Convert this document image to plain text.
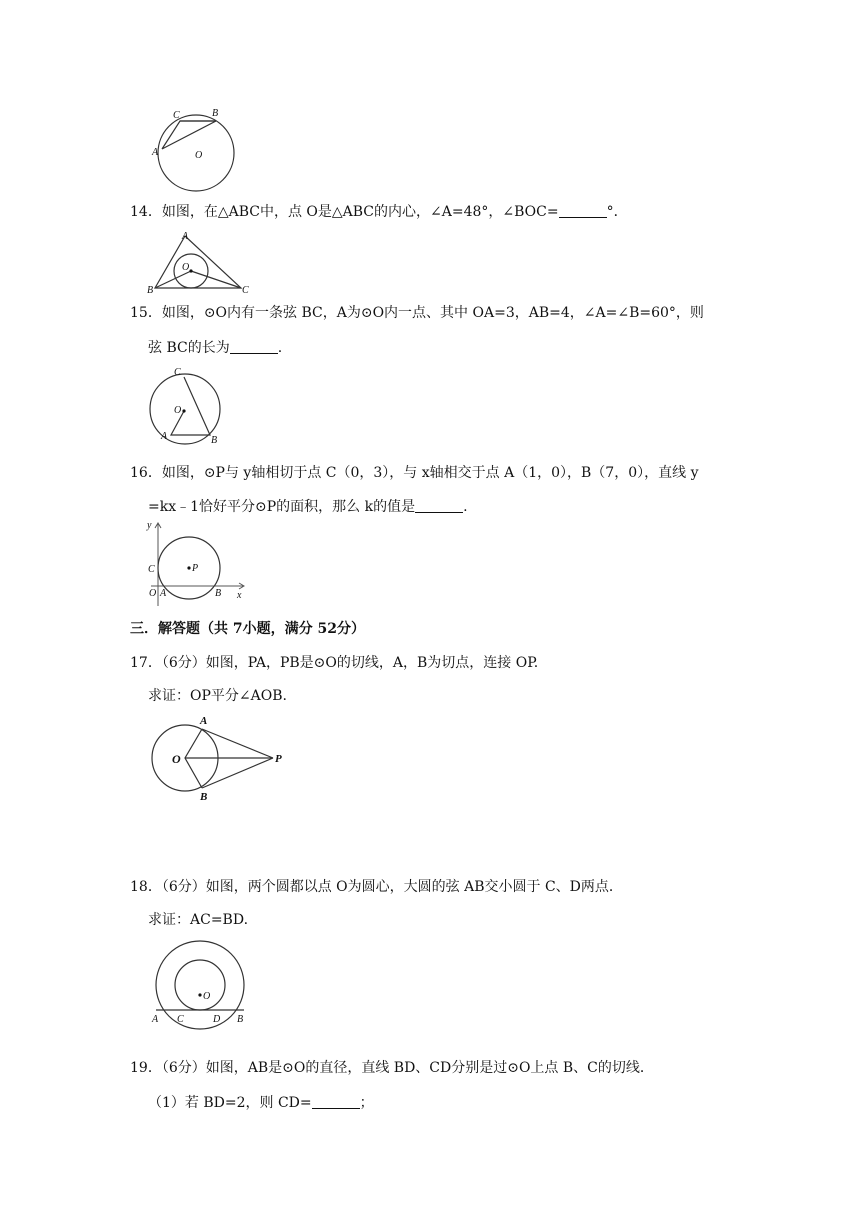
A
C	B
O
14．如图，在△ABC中，点 O是△ABC的内心，∠A=48°，∠BOC=	°．
A
B	C
O
15．如图，⊙O内有一条弦 BC，A为⊙O内一点、其中 OA=3，AB=4，∠A=∠B=60°，则
弦 BC的长为	.
C
O
A	B
16．如图，⊙P与 y轴相切于点 C（0，3），与 x轴相交于点 A（1，0），B（7，0），直线 y
=kx﹣1恰好平分⊙P的面积，那么 k的值是	.
y
x
C	P
O A	B
三．解答题（共 7小题，满分 52分）
17．（6分）如图，PA，PB是⊙O的切线，A，B为切点，连接 OP.
求证：OP平分∠AOB.
O
A
B
P
18．（6分）如图，两个圆都以点 O为圆心，大圆的弦 AB交小圆于 C、D两点．
求证：AC=BD.
O
A C	D B
19．（6分）如图，AB是⊙O的直径，直线 BD、CD分别是过⊙O上点 B、C的切线．
（1）若 BD=2，则 CD=	；
